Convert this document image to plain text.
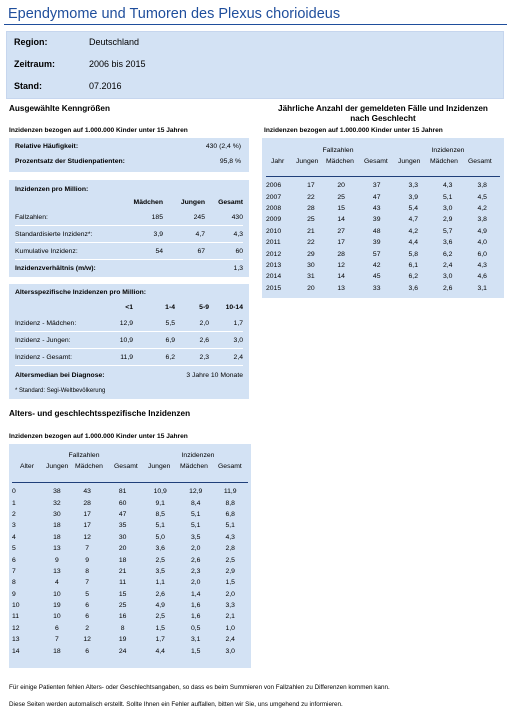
Ependymome und Tumoren des Plexus chorioideus
Region:	Deutschland
Zeitraum:	2006 bis 2015
Stand:	07.2016
Ausgewählte Kenngrößen
Inzidenzen bezogen auf 1.000.000 Kinder unter 15 Jahren
Relative Häufigkeit:	430 (2,4 %)
Prozentsatz der Studienpatienten:	95,8 %
Inzidenzen pro Million:
Mädchen	Jungen	Gesamt
Fallzahlen:	185	245	430
Standardisierte Inzidenz*:	3,9	4,7	4,3
Kumulative Inzidenz:	54	67	60
Inzidenzverhältnis (m/w):	1,3
Altersspezifische Inzidenzen pro Million:
<1	1-4	5-9	10-14
Inzidenz - Mädchen:	12,9	5,5	2,0	1,7
Inzidenz - Jungen:	10,9	6,9	2,6	3,0
Inzidenz - Gesamt:	11,9	6,2	2,3	2,4
Altersmedian bei Diagnose:	3 Jahre 10 Monate
* Standard: Segi-Weltbevölkerung
Jährliche Anzahl der gemeldeten Fälle und Inzidenzen
nach Geschlecht
Inzidenzen bezogen auf 1.000.000 Kinder unter 15 Jahren
Fallzahlen	Inzidenzen
Jahr Jungen Mädchen Gesamt Jungen Mädchen Gesamt
2006	17	20	37	3,3	4,3	3,8
2007	22	25	47	3,9	5,1	4,5
2008	28	15	43	5,4	3,0	4,2
2009	25	14	39	4,7	2,9	3,8
2010	21	27	48	4,2	5,7	4,9
2011	22	17	39	4,4	3,6	4,0
2012	29	28	57	5,8	6,2	6,0
2013	30	12	42	6,1	2,4	4,3
2014	31	14	45	6,2	3,0	4,6
2015	20	13	33	3,6	2,6	3,1
Alters- und geschlechtsspezifische Inzidenzen
Inzidenzen bezogen auf 1.000.000 Kinder unter 15 Jahren
Fallzahlen	Inzidenzen
Alter Jungen Mädchen Gesamt Jungen Mädchen Gesamt
0	38	43	81	10,9	12,9	11,9
1	32	28	60	9,1	8,4	8,8
2	30	17	47	8,5	5,1	6,8
3	18	17	35	5,1	5,1	5,1
4	18	12	30	5,0	3,5	4,3
5	13	7	20	3,6	2,0	2,8
6	9	9	18	2,5	2,6	2,5
7	13	8	21	3,5	2,3	2,9
8	4	7	11	1,1	2,0	1,5
9	10	5	15	2,6	1,4	2,0
10	19	6	25	4,9	1,6	3,3
11	10	6	16	2,5	1,6	2,1
12	6	2	8	1,5	0,5	1,0
13	7	12	19	1,7	3,1	2,4
14	18	6	24	4,4	1,5	3,0
Für einige Patienten fehlen Alters- oder Geschlechtsangaben, so dass es beim Summieren von Fallzahlen zu Differenzen kommen kann.
Diese Seiten werden automalisch erstellt. Sollte Ihnen ein Fehler auffallen, bitten wir Sie, uns umgehend zu informieren.
